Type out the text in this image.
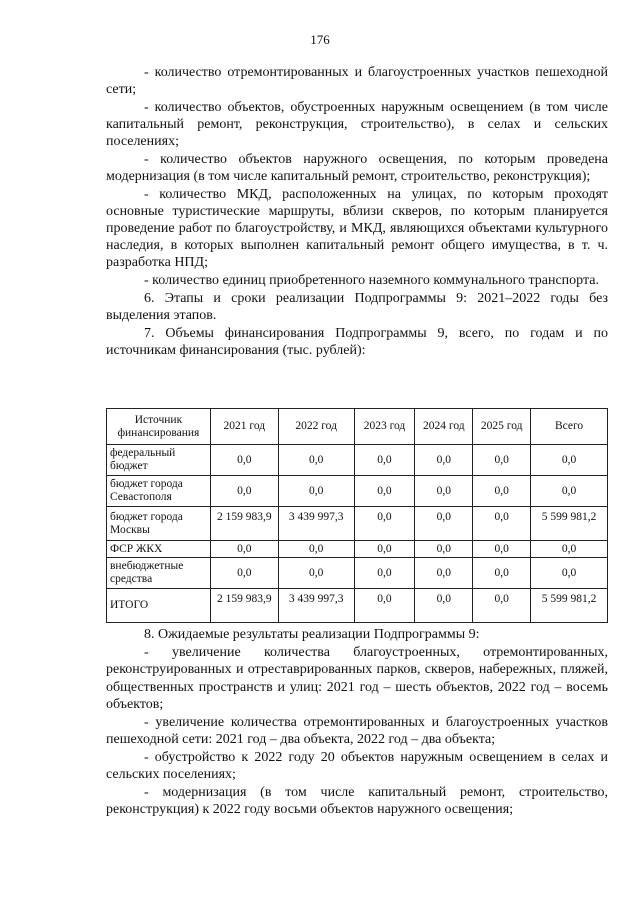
176

- количество отремонтированных и благоустроенных участков пешеходной сети;

- количество объектов, обустроенных наружным освещением (в том числе капитальный ремонт, реконструкция, строительство), в селах и сельских поселениях;

- количество объектов наружного освещения, по которым проведена модернизация (в том числе капитальный ремонт, строительство, реконструкция);

- количество МКД, расположенных на улицах, по которым проходят основные туристические маршруты, вблизи скверов, по которым планируется проведение работ по благоустройству, и МКД, являющихся объектами культурного наследия, в которых выполнен капитальный ремонт общего имущества, в т. ч. разработка НПД;

- количество единиц приобретенного наземного коммунального транспорта.

6. Этапы и сроки реализации Подпрограммы 9: 2021–2022 годы без выделения этапов.

7. Объемы финансирования Подпрограммы 9, всего, по годам и по источникам финансирования (тыс. рублей):

Источник финансирования	2021 год	2022 год	2023 год	2024 год	2025 год	Всего
федеральный бюджет	0,0	0,0	0,0	0,0	0,0	0,0
бюджет города Севастополя	0,0	0,0	0,0	0,0	0,0	0,0
бюджет города Москвы	2 159 983,9	3 439 997,3	0,0	0,0	0,0	5 599 981,2
ФСР ЖКХ	0,0	0,0	0,0	0,0	0,0	0,0
внебюджетные средства	0,0	0,0	0,0	0,0	0,0	0,0
ИТОГО	2 159 983,9	3 439 997,3	0,0	0,0	0,0	5 599 981,2

8. Ожидаемые результаты реализации Подпрограммы 9:

- увеличение количества благоустроенных, отремонтированных, реконструированных и отреставрированных парков, скверов, набережных, пляжей, общественных пространств и улиц: 2021 год – шесть объектов, 2022 год – восемь объектов;

- увеличение количества отремонтированных и благоустроенных участков пешеходной сети: 2021 год – два объекта, 2022 год – два объекта;

- обустройство к 2022 году 20 объектов наружным освещением в селах и сельских поселениях;

- модернизация (в том числе капитальный ремонт, строительство, реконструкция) к 2022 году восьми объектов наружного освещения;
